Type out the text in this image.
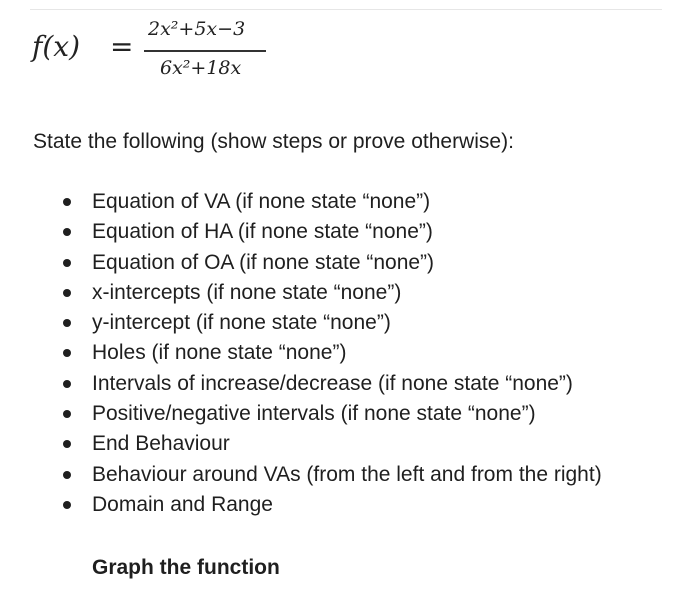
f(x) =
2x²+5x−3
6x²+18x
State the following (show steps or prove otherwise):
Equation of VA (if none state “none”)
Equation of HA (if none state “none”)
Equation of OA (if none state “none”)
x-intercepts (if none state “none”)
y-intercept (if none state “none”)
Holes (if none state “none”)
Intervals of increase/decrease (if none state “none”)
Positive/negative intervals (if none state “none”)
End Behaviour
Behaviour around VAs (from the left and from the right)
Domain and Range
Graph the function
